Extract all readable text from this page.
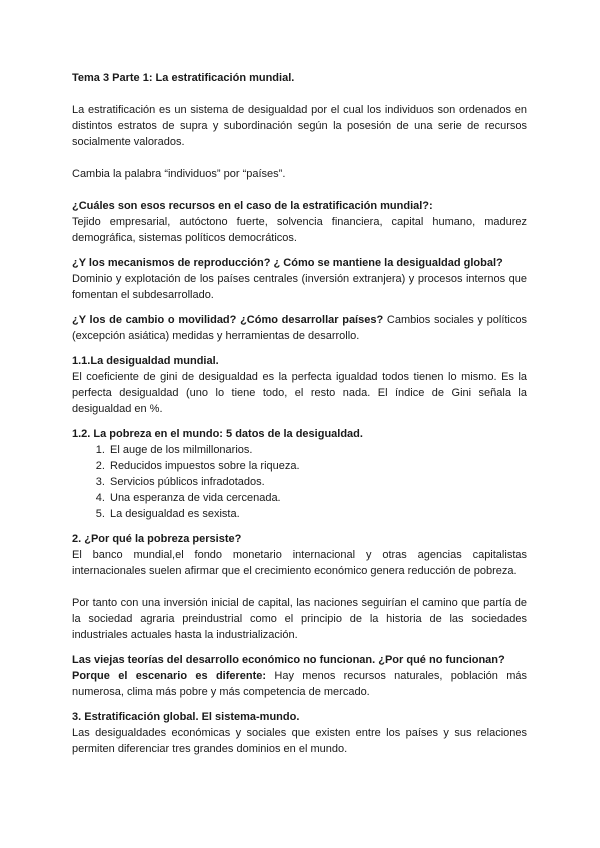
Tema 3 Parte 1: La estratificación mundial.

La estratificación es un sistema de desigualdad por el cual los individuos son ordenados en distintos estratos de supra y subordinación según la posesión de una serie de recursos socialmente valorados.

Cambia la palabra “individuos” por “países”.

¿Cuáles son esos recursos en el caso de la estratificación mundial?:

Tejido empresarial, autóctono fuerte, solvencia financiera, capital humano, madurez demográfica, sistemas políticos democráticos.

¿Y los mecanismos de reproducción? ¿ Cómo se mantiene la desigualdad global?

Dominio y explotación de los países centrales (inversión extranjera) y procesos internos que fomentan el subdesarrollado.

¿Y los de cambio o movilidad? ¿Cómo desarrollar países? Cambios sociales y políticos (excepción asiática) medidas y herramientas de desarrollo.

1.1.La desigualdad mundial.

El coeficiente de gini de desigualdad es la perfecta igualdad todos tienen lo mismo. Es la perfecta desigualdad (uno lo tiene todo, el resto nada. El índice de Gini señala la desigualdad en %.

1.2. La pobreza en el mundo: 5 datos de la desigualdad.

1. El auge de los milmillonarios.
2. Reducidos impuestos sobre la riqueza.
3. Servicios públicos infradotados.
4. Una esperanza de vida cercenada.
5. La desigualdad es sexista.

2. ¿Por qué la pobreza persiste?

El banco mundial,el fondo monetario internacional y otras agencias capitalistas internacionales suelen afirmar que el crecimiento económico genera reducción de pobreza.

Por tanto con una inversión inicial de capital, las naciones seguirían el camino que partía de la sociedad agraria preindustrial como el principio de la historia de las sociedades industriales actuales hasta la industrialización.

Las viejas teorías del desarrollo económico no funcionan. ¿Por qué no funcionan?

Porque el escenario es diferente: Hay menos recursos naturales, población más numerosa, clima más pobre y más competencia de mercado.

3. Estratificación global. El sistema-mundo.

Las desigualdades económicas y sociales que existen entre los países y sus relaciones permiten diferenciar tres grandes dominios en el mundo.
